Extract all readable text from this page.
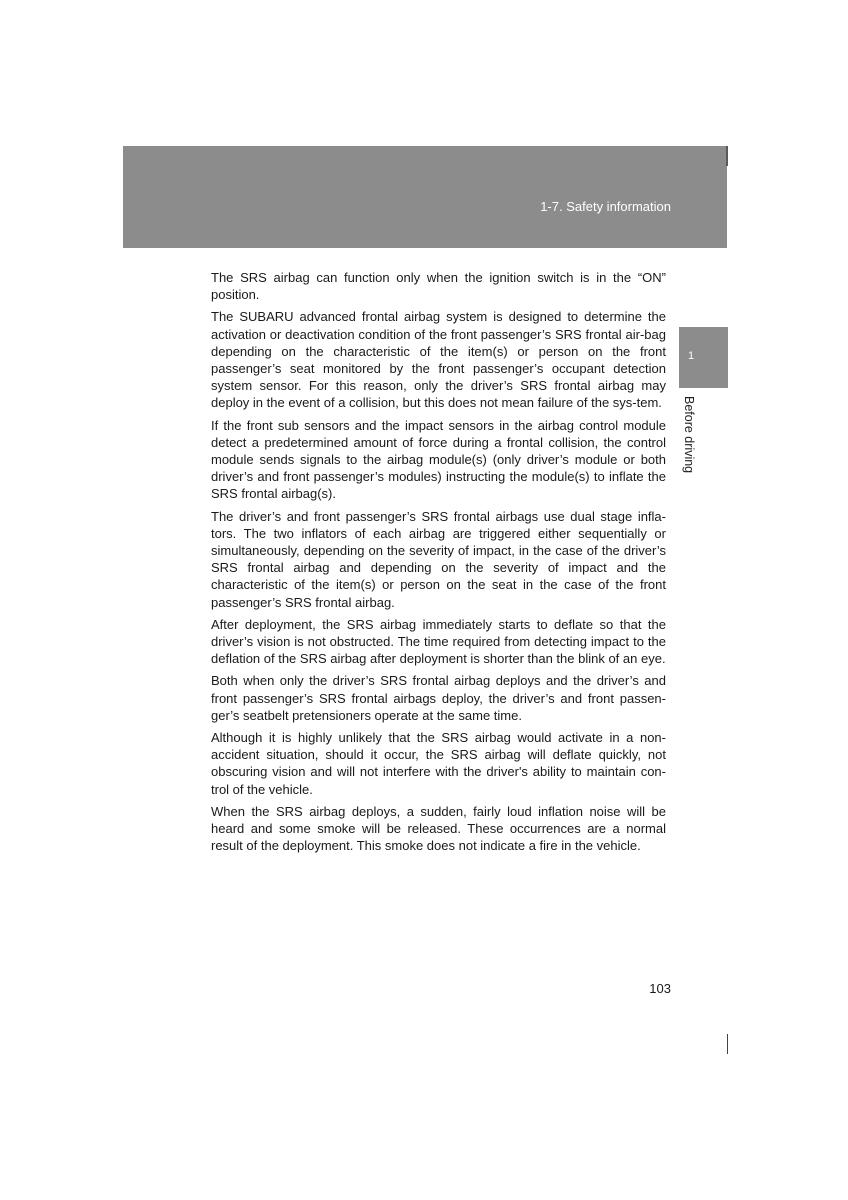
1-7. Safety information
1
Before driving

The SRS airbag can function only when the ignition switch is in the “ON” position.

The SUBARU advanced frontal airbag system is designed to determine the activation or deactivation condition of the front passenger’s SRS frontal air-bag depending on the characteristic of the item(s) or person on the front passenger’s seat monitored by the front passenger’s occupant detection system sensor. For this reason, only the driver’s SRS frontal airbag may deploy in the event of a collision, but this does not mean failure of the sys-tem.

If the front sub sensors and the impact sensors in the airbag control module detect a predetermined amount of force during a frontal collision, the control module sends signals to the airbag module(s) (only driver’s module or both driver’s and front passenger’s modules) instructing the module(s) to inflate the SRS frontal airbag(s).

The driver’s and front passenger’s SRS frontal airbags use dual stage infla-tors. The two inflators of each airbag are triggered either sequentially or simultaneously, depending on the severity of impact, in the case of the driver’s SRS frontal airbag and depending on the severity of impact and the characteristic of the item(s) or person on the seat in the case of the front passenger’s SRS frontal airbag.

After deployment, the SRS airbag immediately starts to deflate so that the driver’s vision is not obstructed. The time required from detecting impact to the deflation of the SRS airbag after deployment is shorter than the blink of an eye.

Both when only the driver’s SRS frontal airbag deploys and the driver’s and front passenger’s SRS frontal airbags deploy, the driver’s and front passen-ger’s seatbelt pretensioners operate at the same time.

Although it is highly unlikely that the SRS airbag would activate in a non-accident situation, should it occur, the SRS airbag will deflate quickly, not obscuring vision and will not interfere with the driver's ability to maintain con-trol of the vehicle.

When the SRS airbag deploys, a sudden, fairly loud inflation noise will be heard and some smoke will be released. These occurrences are a normal result of the deployment. This smoke does not indicate a fire in the vehicle.

103
